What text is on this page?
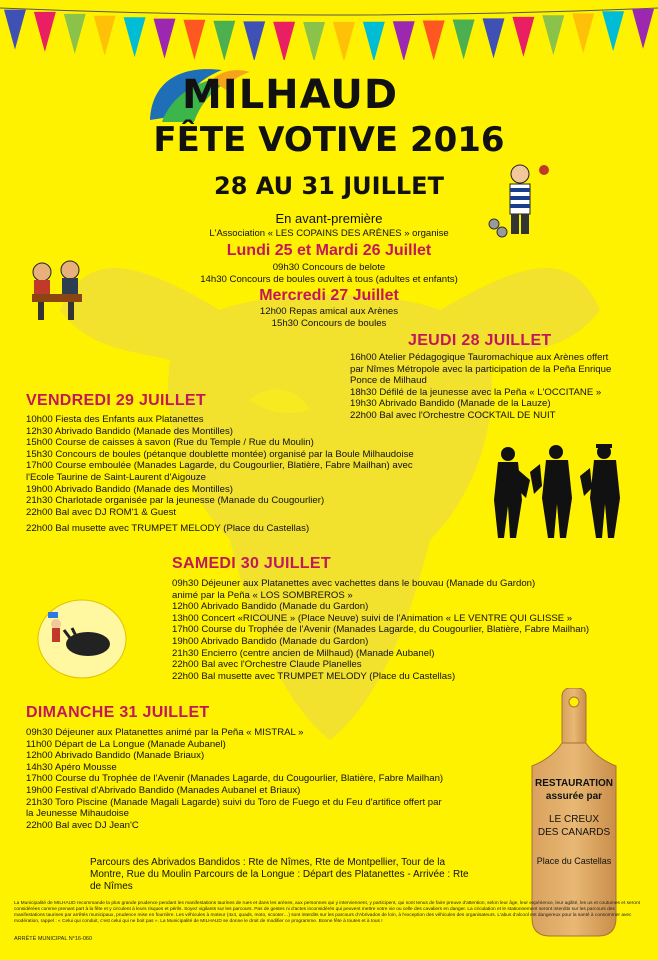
MILHAUD
FÊTE VOTIVE 2016
28 AU 31 JUILLET
En avant-première
L'Association « LES COPAINS DES ARÈNES » organise
Lundi 25 et Mardi 26 Juillet
09h30 Concours de belote
14h30 Concours de boules ouvert à tous (adultes et enfants)
Mercredi 27 Juillet
12h00 Repas amical aux Arènes
15h30 Concours de boules
JEUDI 28 JUILLET
16h00 Atelier Pédagogique Tauromachique aux Arènes offert
par Nîmes Métropole avec la participation de la Peña Enrique
Ponce de Milhaud
18h30 Défilé de la jeunesse avec la Peña « L'OCCITANE »
19h30 Abrivado Bandido (Manade de la Lauze)
22h00 Bal avec l'Orchestre COCKTAIL DE NUIT
VENDREDI 29 JUILLET
10h00 Fiesta des Enfants aux Platanettes
12h30 Abrivado Bandido (Manade des Montilles)
15h00 Course de caisses à savon (Rue du Temple / Rue du Moulin)
15h30 Concours de boules (pétanque doublette montée) organisé par la Boule Milhaudoise
17h00 Course emboulée (Manades Lagarde, du Cougourlier, Blatière, Fabre Mailhan) avec
l'Ecole Taurine de Saint-Laurent d'Aigouze
19h00 Abrivado Bandido (Manade des Montilles)
21h30 Charlotade organisée par la jeunesse (Manade du Cougourlier)
22h00 Bal avec DJ ROM'1 & Guest
22h00 Bal musette avec TRUMPET MELODY (Place du Castellas)
SAMEDI 30 JUILLET
09h30 Déjeuner aux Platanettes avec vachettes dans le bouvau (Manade du Gardon)
animé par la Peña « LOS SOMBREROS »
12h00 Abrivado Bandido (Manade du Gardon)
13h00 Concert «RICOUNE » (Place Neuve) suivi de l'Animation « LE VENTRE QUI GLISSE »
17h00 Course du Trophée de l'Avenir (Manades Lagarde, du Cougourlier, Blatière, Fabre Mailhan)
19h00 Abrivado Bandido (Manade du Gardon)
21h30 Encierro (centre ancien de Milhaud) (Manade Aubanel)
22h00 Bal avec l'Orchestre Claude Planelles
22h00 Bal musette avec TRUMPET MELODY (Place du Castellas)
DIMANCHE 31 JUILLET
09h30 Déjeuner aux Platanettes animé par la Peña « MISTRAL »
11h00 Départ de La Longue (Manade Aubanel)
12h00 Abrivado Bandido (Manade Briaux)
14h30 Apéro Mousse
17h00 Course du Trophée de l'Avenir (Manades Lagarde, du Cougourlier, Blatière, Fabre Mailhan)
19h00 Festival d'Abrivado Bandido (Manades Aubanel et Briaux)
21h30 Toro Piscine (Manade Magali Lagarde) suivi du Toro de Fuego et du Feu d'artifice offert par
la Jeunesse Mihaudoise
22h00 Bal avec DJ Jean'C
RESTAURATION
assurée par
LE CREUX
DES CANARDS
Place du Castellas
Parcours des Abrivados Bandidos : Rte de Nîmes, Rte de Montpellier, Tour de la Montre, Rue du Moulin Parcours de la Longue : Départ des Platanettes - Arrivée : Rte de Nîmes
La Municipalité de MILHAUD recommande la plus grande prudence pendant les manifestations taurines de rues et dans les arènes, aux personnes qui y interviennent, y participent, qui sont tenus de faire preuve d'attention, selon leur âge, leur expérience, leur agilité, les us et coutumes et seront considérées comme prenant part à la fête et y circulent à leurs risques et périls. Soyez vigilants sur les parcours. Pas de gestes ni d'actes inconsidérés qui peuvent mettre votre vie ou celle des cavaliers en danger. La circulation et le stationnement seront interdits sur les parcours des manifestations taurines par arrêtés municipaux, prudence mise en fourrière. Les véhicules à moteur (4x4, quads, moto, scooter…) sont interdits sur les parcours d'Abrivados de loin, à l'exception des véhicules des organisateurs. L'abus d'alcool est dangereux pour la santé à consommer avec modération, rappel : « Celui qui conduit, c'est celui qui ne boit pas ». La Municipalité de MILHAUD se donne le droit de modifier ce programme. Bonne fête à toutes et à tous !
ARRÊTÉ MUNICIPAL N°16-060
